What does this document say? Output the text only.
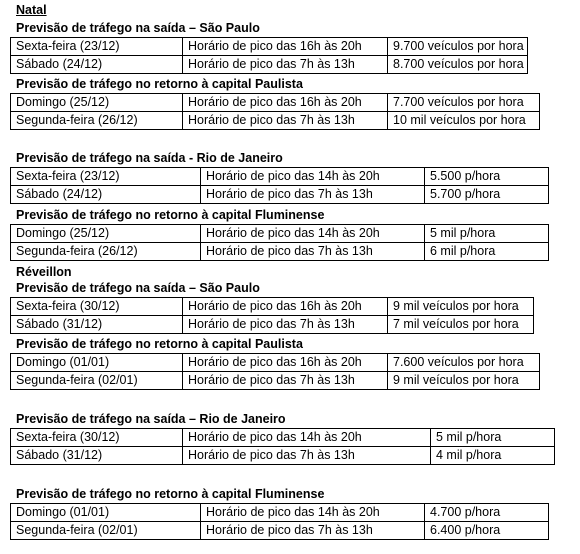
Natal
Previsão de tráfego na saída – São Paulo
Sexta-feira (23/12)	Horário de pico das 16h às 20h	9.700 veículos por hora
Sábado (24/12)	Horário de pico das 7h às 13h	8.700 veículos por hora
Previsão de tráfego no retorno à capital Paulista
Domingo (25/12)	Horário de pico das 16h às 20h	7.700 veículos por hora
Segunda-feira (26/12)	Horário de pico das 7h às 13h	10 mil veículos por hora
Previsão de tráfego na saída - Rio de Janeiro
Sexta-feira (23/12)	Horário de pico das 14h às 20h	5.500 p/hora
Sábado (24/12)	Horário de pico das 7h às 13h	5.700 p/hora
Previsão de tráfego no retorno à capital Fluminense
Domingo (25/12)	Horário de pico das 14h às 20h	5 mil p/hora
Segunda-feira (26/12)	Horário de pico das 7h às 13h	6 mil p/hora
Réveillon
Previsão de tráfego na saída – São Paulo
Sexta-feira (30/12)	Horário de pico das 16h às 20h	9 mil veículos por hora
Sábado (31/12)	Horário de pico das 7h às 13h	7 mil veículos por hora
Previsão de tráfego no retorno à capital Paulista
Domingo (01/01)	Horário de pico das 16h às 20h	7.600 veículos por hora
Segunda-feira (02/01)	Horário de pico das 7h às 13h	9 mil veículos por hora
Previsão de tráfego na saída – Rio de Janeiro
Sexta-feira (30/12)	Horário de pico das 14h às 20h	5 mil p/hora
Sábado (31/12)	Horário de pico das 7h às 13h	4 mil p/hora
Previsão de tráfego no retorno à capital Fluminense
Domingo (01/01)	Horário de pico das 14h às 20h	4.700 p/hora
Segunda-feira (02/01)	Horário de pico das 7h às 13h	6.400 p/hora
